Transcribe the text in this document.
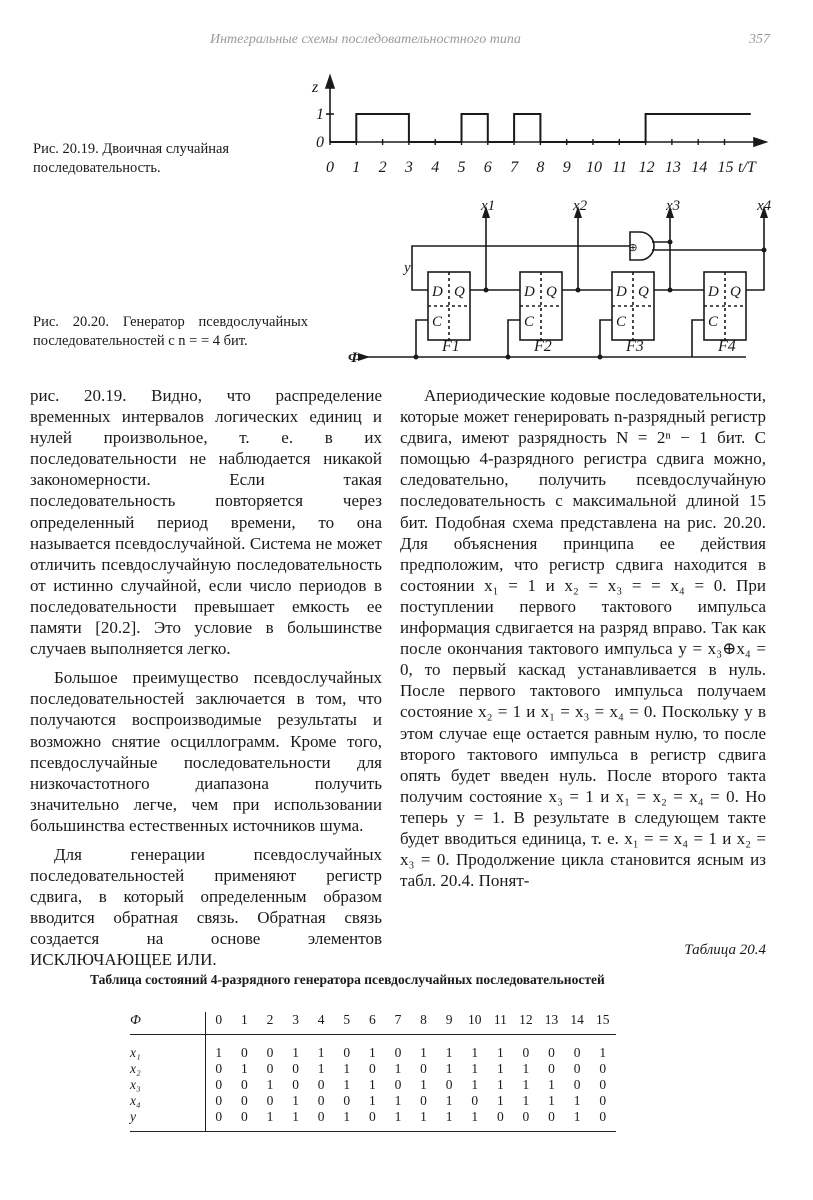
Интегральные схемы последовательностного типа	357
z
1
0
0 1 2 3 4 5 6 7 8 9 10 11 12 13 14 15 t/T
Рис. 20.19. Двоичная случайная последовательность.
x1	x2	x3	x4
y
Ф
⊕
D Q
C
D Q
C
D Q
C
D Q
C
F1	F2	F3	F4
Рис. 20.20. Генератор псевдослучайных последовательностей с n = = 4 бит.

рис. 20.19. Видно, что распределение временных интервалов логических единиц и нулей произвольное, т. е. в их последовательности не наблюдается никакой закономерности. Если такая последовательность повторяется через определенный период времени, то она называется псевдослучайной. Система не может отличить псевдослучайную последовательность от истинно случайной, если число периодов в последовательности превышает емкость ее памяти [20.2]. Это условие в большинстве случаев выполняется легко.

Большое преимущество псевдослучайных последовательностей заключается в том, что получаются воспроизводимые результаты и возможно снятие осциллограмм. Кроме того, псевдослучайные последовательности для низкочастотного диапазона получить значительно легче, чем при использовании большинства естественных источников шума.

Для генерации псевдослучайных последовательностей применяют регистр сдвига, в который определенным образом вводится обратная связь. Обратная связь создается на основе элементов ИСКЛЮЧАЮЩЕЕ ИЛИ.

Апериодические кодовые последовательности, которые может генерировать n-разрядный регистр сдвига, имеют разрядность N = 2ⁿ − 1 бит. С помощью 4-разрядного регистра сдвига можно, следовательно, получить псевдослучайную последовательность с максимальной длиной 15 бит. Подобная схема представлена на рис. 20.20. Для объяснения принципа ее действия предположим, что регистр сдвига находится в состоянии x₁ = 1 и x₂ = x₃ = = x₄ = 0. При поступлении первого тактового импульса информация сдвигается на разряд вправо. Так как после окончания тактового импульса y = x₃⊕x₄ = 0, то первый каскад устанавливается в нуль. После первого тактового импульса получаем состояние x₂ = 1 и x₁ = x₃ = x₄ = 0. Поскольку y в этом случае еще остается равным нулю, то после второго тактового импульса в регистр сдвига опять будет введен нуль. После второго такта получим состояние x₃ = 1 и x₁ = x₂ = x₄ = 0. Но теперь y = 1. В результате в следующем такте будет вводиться единица, т. е. x₁ = = x₄ = 1 и x₂ = x₃ = 0. Продолжение цикла становится ясным из табл. 20.4. Понят-

Таблица 20.4
Таблица состояний 4-разрядного генератора псевдослучайных последовательностей
Ф	0	1	2	3	4	5	6	7	8	9	10	11	12	13	14	15
x₁	1	0	0	1	1	0	1	0	1	1	1	1	0	0	0	1
x₂	0	1	0	0	1	1	0	1	0	1	1	1	1	0	0	0
x₃	0	0	1	0	0	1	1	0	1	0	1	1	1	1	0	0
x₄	0	0	0	1	0	0	1	1	0	1	0	1	1	1	1	0
y	0	0	1	1	0	1	0	1	1	1	1	0	0	0	1	0
